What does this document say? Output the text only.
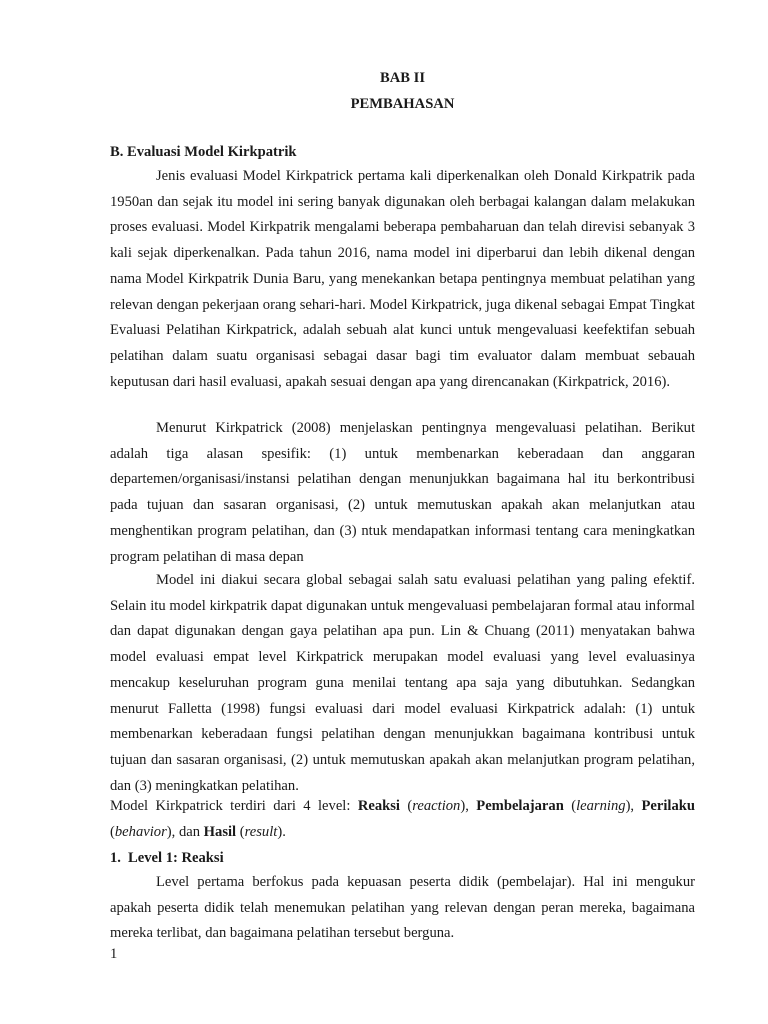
BAB II
PEMBAHASAN
B. Evaluasi Model Kirkpatrik

Jenis evaluasi Model Kirkpatrick pertama kali diperkenalkan oleh Donald Kirkpatrik pada 1950an dan sejak itu model ini sering banyak digunakan oleh berbagai kalangan dalam melakukan proses evaluasi. Model Kirkpatrik mengalami beberapa pembaharuan dan telah direvisi sebanyak 3 kali sejak diperkenalkan. Pada tahun 2016, nama model ini diperbarui dan lebih dikenal dengan nama Model Kirkpatrik Dunia Baru, yang menekankan betapa pentingnya membuat pelatihan yang relevan dengan pekerjaan orang sehari-hari. Model Kirkpatrick, juga dikenal sebagai Empat Tingkat Evaluasi Pelatihan Kirkpatrick, adalah sebuah alat kunci untuk mengevaluasi keefektifan sebuah pelatihan dalam suatu organisasi sebagai dasar bagi tim evaluator dalam membuat sebauah keputusan dari hasil evaluasi, apakah sesuai dengan apa yang direncanakan (Kirkpatrick, 2016).

Menurut Kirkpatrick (2008) menjelaskan pentingnya mengevaluasi pelatihan. Berikut adalah tiga alasan spesifik: (1) untuk membenarkan keberadaan dan anggaran departemen/organisasi/instansi pelatihan dengan menunjukkan bagaimana hal itu berkontribusi pada tujuan dan sasaran organisasi, (2) untuk memutuskan apakah akan melanjutkan atau menghentikan program pelatihan, dan (3) ntuk mendapatkan informasi tentang cara meningkatkan program pelatihan di masa depan

Model ini diakui secara global sebagai salah satu evaluasi pelatihan yang paling efektif. Selain itu model kirkpatrik dapat digunakan untuk mengevaluasi pembelajaran formal atau informal dan dapat digunakan dengan gaya pelatihan apa pun. Lin & Chuang (2011) menyatakan bahwa model evaluasi empat level Kirkpatrick merupakan model evaluasi yang level evaluasinya mencakup keseluruhan program guna menilai tentang apa saja yang dibutuhkan. Sedangkan menurut Falletta (1998) fungsi evaluasi dari model evaluasi Kirkpatrick adalah: (1) untuk membenarkan keberadaan fungsi pelatihan dengan menunjukkan bagaimana kontribusi untuk tujuan dan sasaran organisasi, (2) untuk memutuskan apakah akan melanjutkan program pelatihan, dan (3) meningkatkan pelatihan.

Model Kirkpatrick terdiri dari 4 level: Reaksi (reaction), Pembelajaran (learning), Perilaku (behavior), dan Hasil (result).

1. Level 1: Reaksi

Level pertama berfokus pada kepuasan peserta didik (pembelajar). Hal ini mengukur apakah peserta didik telah menemukan pelatihan yang relevan dengan peran mereka, bagaimana mereka terlibat, dan bagaimana pelatihan tersebut berguna.

1
